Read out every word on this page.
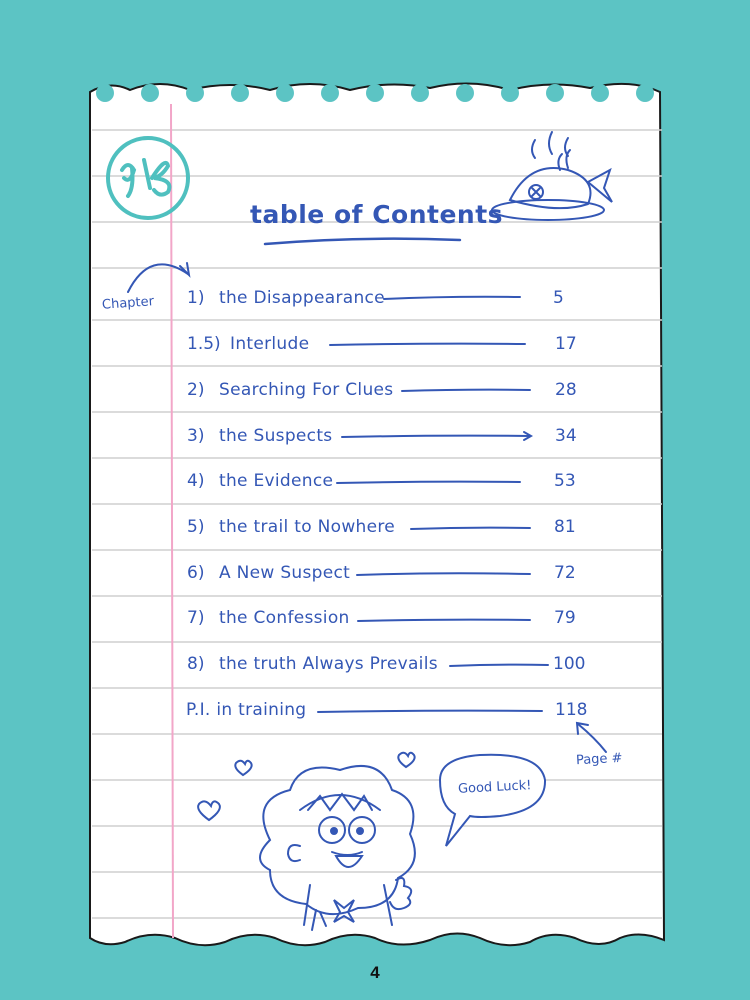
table of Contents
Chapter
Page #
Good Luck!
1) the Disappearance	5
1.5) Interlude	17
2) Searching For Clues	28
3) the Suspects	34
4) the Evidence	53
5) the trail to Nowhere	81
6) A New Suspect	72
7) the Confession	79
8) the truth Always Prevails	100
P.I. in training	118
4
